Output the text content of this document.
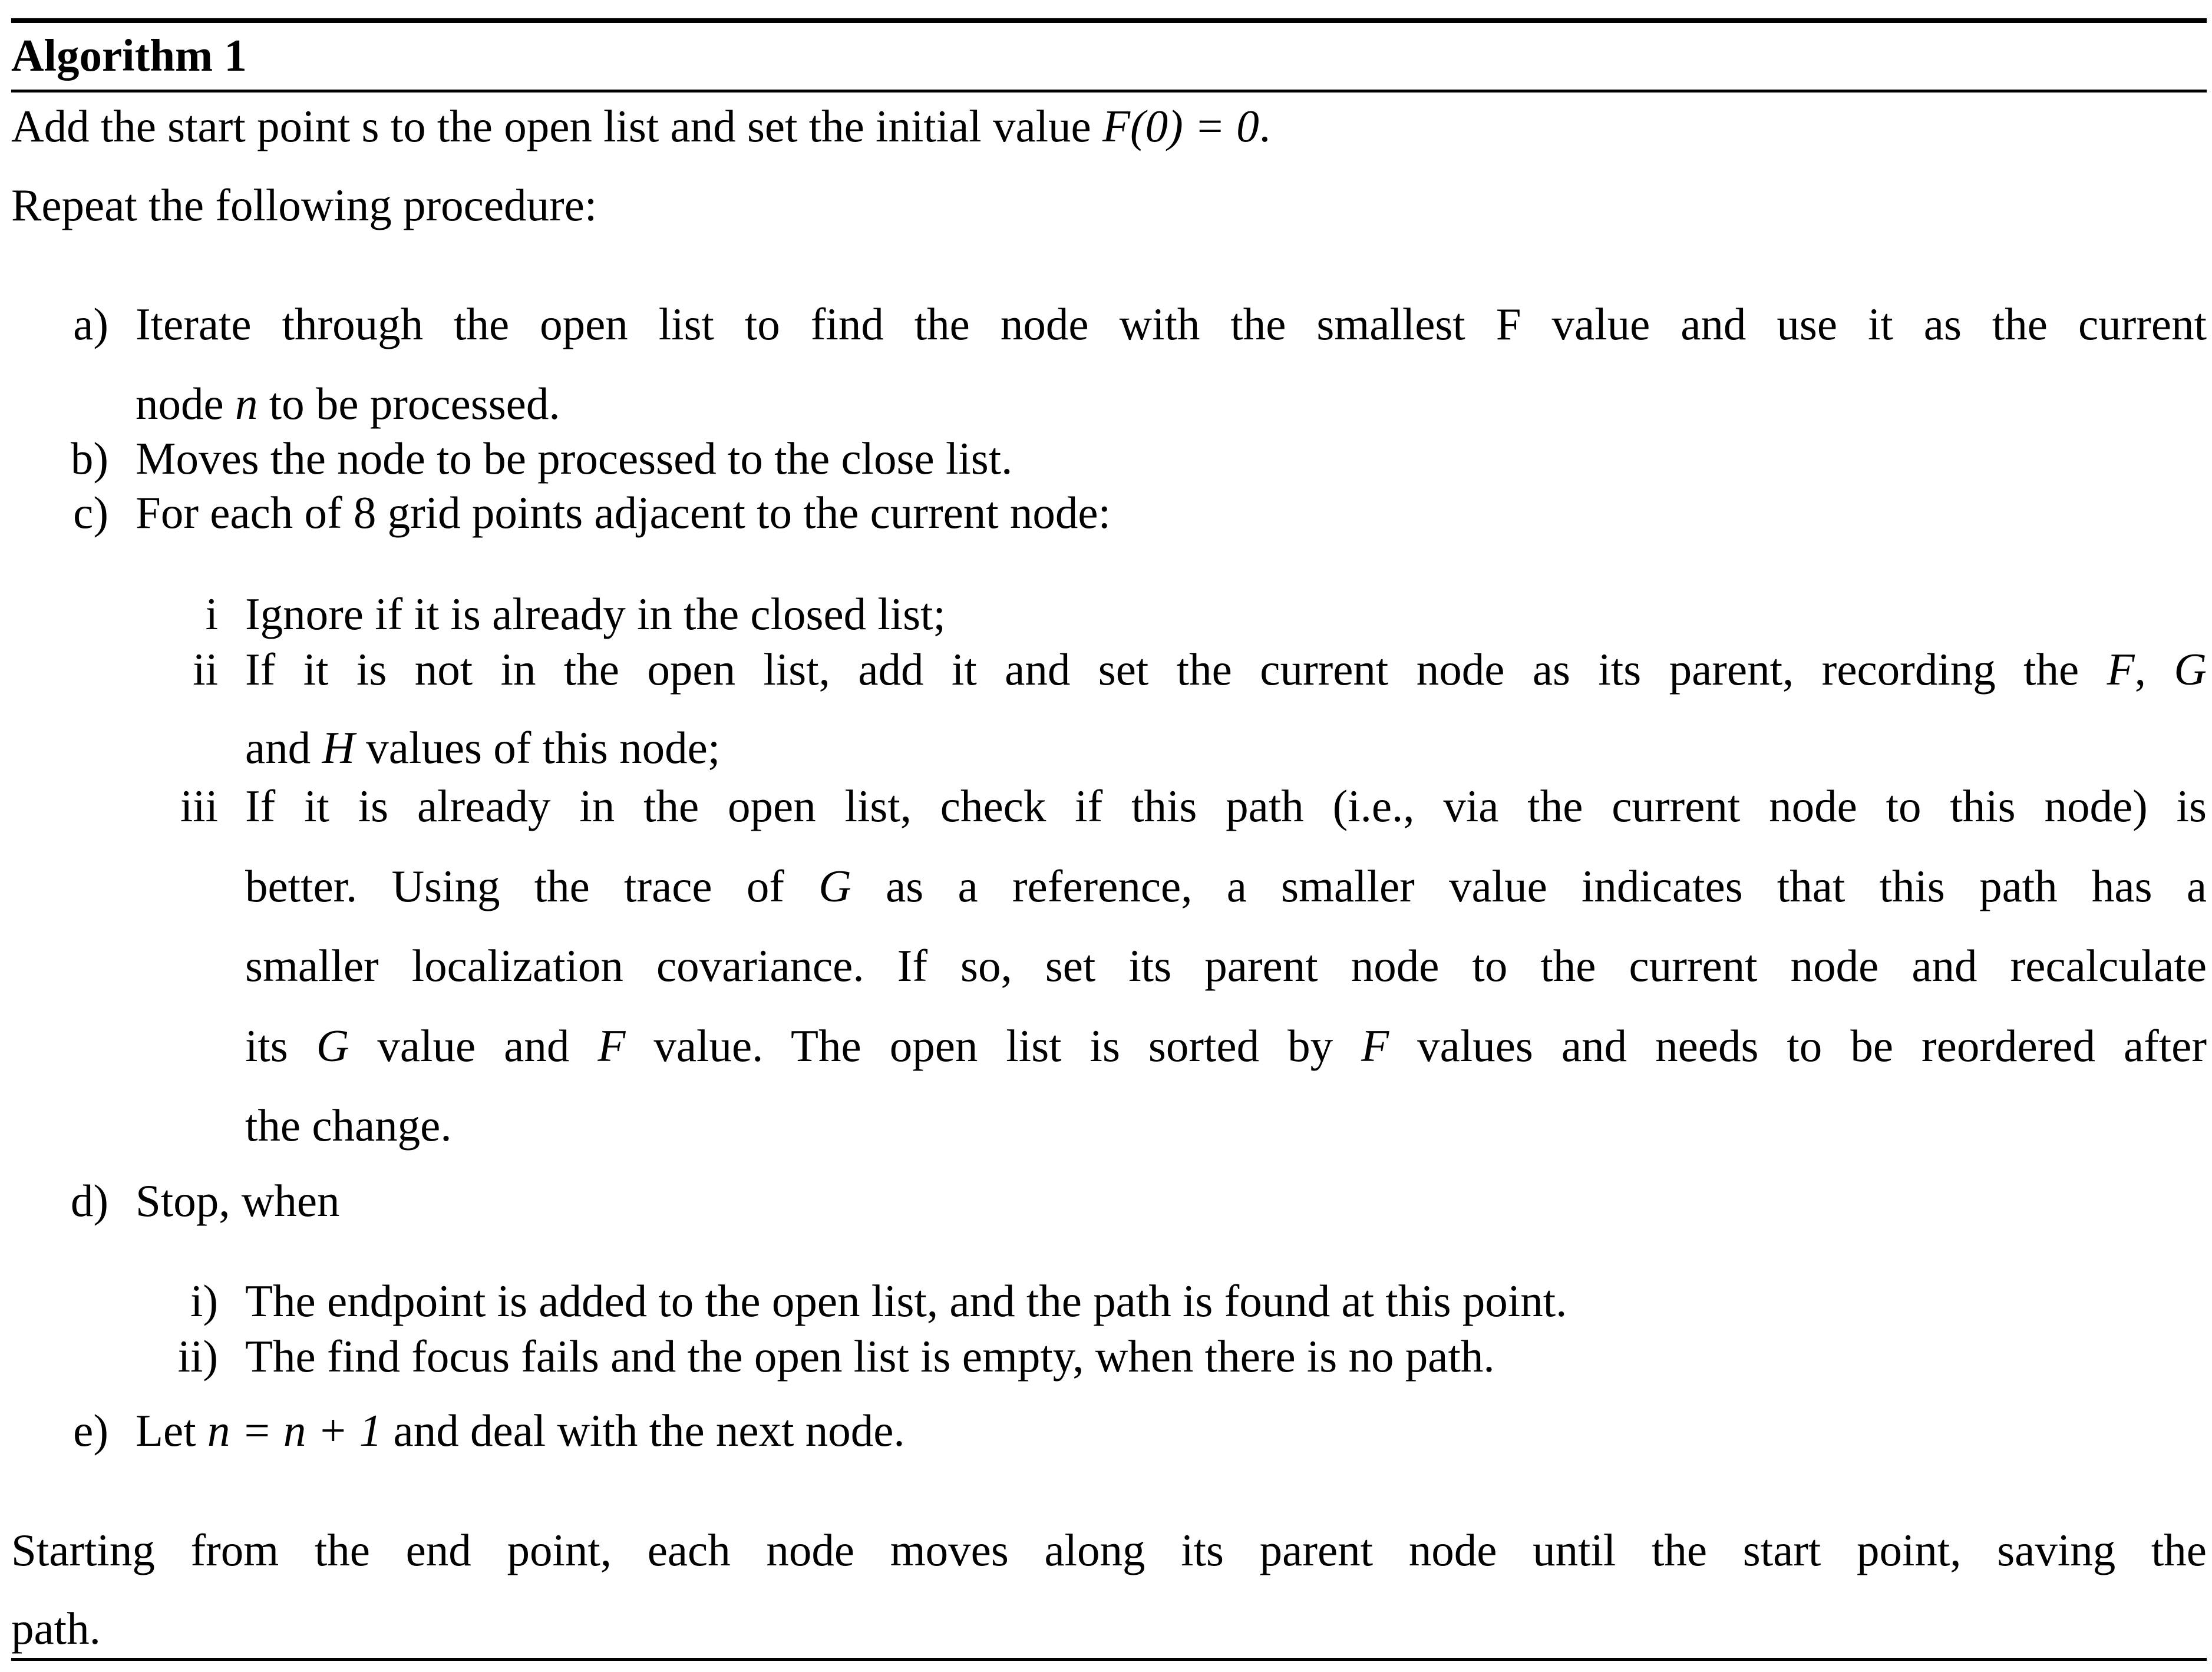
Algorithm 1
Add the start point s to the open list and set the initial value F(0) = 0.
Repeat the following procedure:
a) Iterate through the open list to find the node with the smallest F value and use it as the current
node n to be processed.
b) Moves the node to be processed to the close list.
c) For each of 8 grid points adjacent to the current node:
i Ignore if it is already in the closed list;
ii If it is not in the open list, add it and set the current node as its parent, recording the F, G
and H values of this node;
iii If it is already in the open list, check if this path (i.e., via the current node to this node) is
better. Using the trace of G as a reference, a smaller value indicates that this path has a
smaller localization covariance. If so, set its parent node to the current node and recalculate
its G value and F value. The open list is sorted by F values and needs to be reordered after
the change.
d) Stop, when
i) The endpoint is added to the open list, and the path is found at this point.
ii) The find focus fails and the open list is empty, when there is no path.
e) Let n = n + 1 and deal with the next node.
Starting from the end point, each node moves along its parent node until the start point, saving the
path.
